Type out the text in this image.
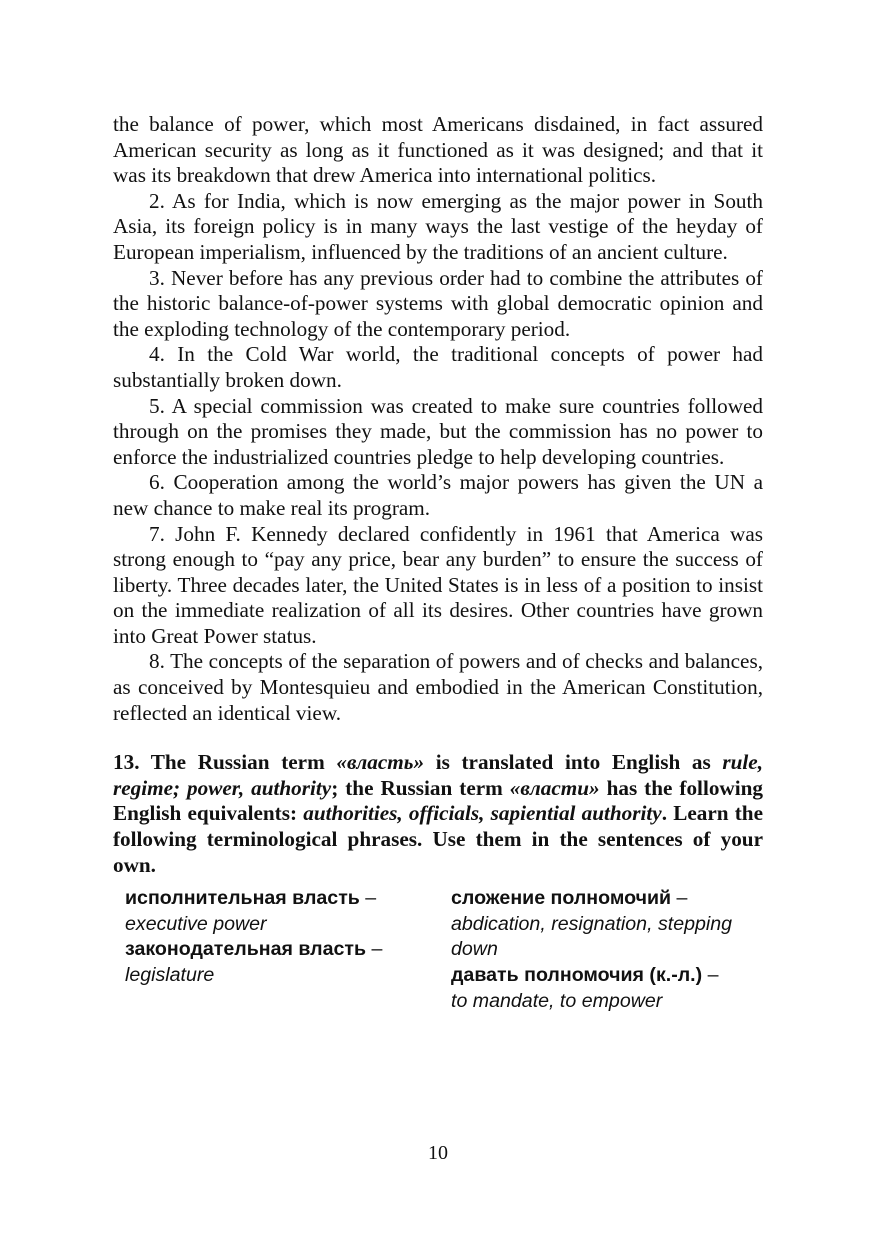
the balance of power, which most Americans disdained, in fact assured American security as long as it functioned as it was designed; and that it was its breakdown that drew America into international politics.

2. As for India, which is now emerging as the major power in South Asia, its foreign policy is in many ways the last vestige of the heyday of European imperialism, influenced by the traditions of an ancient culture.

3. Never before has any previous order had to combine the attributes of the historic balance-of-power systems with global democratic opinion and the exploding technology of the contemporary period.

4. In the Cold War world, the traditional concepts of power had substantially broken down.

5. A special commission was created to make sure countries followed through on the promises they made, but the commission has no power to enforce the industrialized countries pledge to help developing countries.

6. Cooperation among the world’s major powers has given the UN a new chance to make real its program.

7. John F. Kennedy declared confidently in 1961 that America was strong enough to “pay any price, bear any burden” to ensure the success of liberty. Three decades later, the United States is in less of a position to insist on the immediate realization of all its desires. Other countries have grown into Great Power status.

8. The concepts of the separation of powers and of checks and balances, as conceived by Montesquieu and embodied in the American Constitution, reflected an identical view.

13. The Russian term «власть» is translated into English as rule, regime; power, authority; the Russian term «власти» has the following English equivalents: authorities, officials, sapiential authority. Learn the following terminological phrases. Use them in the sentences of your own.

исполнительная власть –
executive power
законодательная власть –
legislature
сложение полномочий – abdication, resignation, stepping down
давать полномочия (к.-л.) –
to mandate, to empower
10
